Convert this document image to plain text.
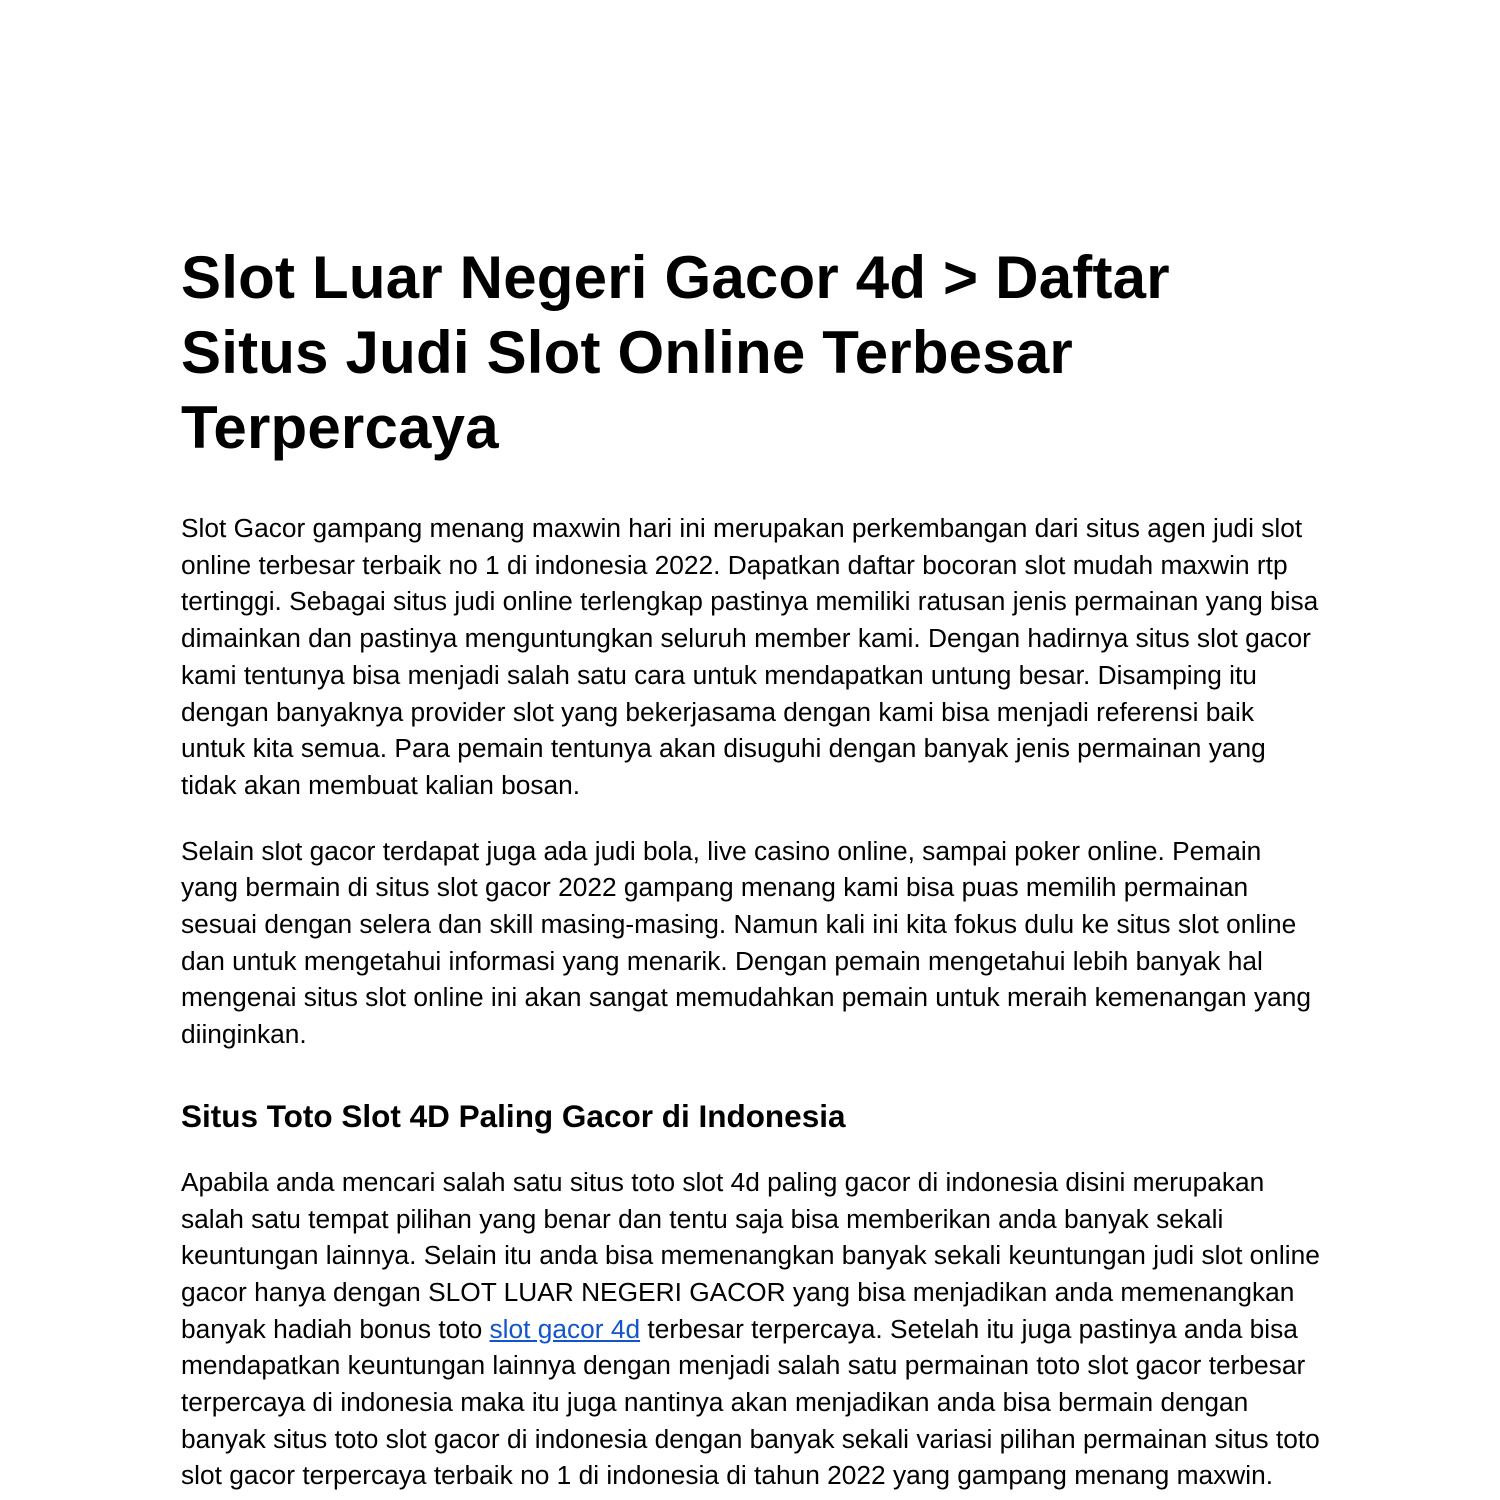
Slot Luar Negeri Gacor 4d > Daftar Situs Judi Slot Online Terbesar Terpercaya

Slot Gacor gampang menang maxwin hari ini merupakan perkembangan dari situs agen judi slot online terbesar terbaik no 1 di indonesia 2022. Dapatkan daftar bocoran slot mudah maxwin rtp tertinggi. Sebagai situs judi online terlengkap pastinya memiliki ratusan jenis permainan yang bisa dimainkan dan pastinya menguntungkan seluruh member kami. Dengan hadirnya situs slot gacor kami tentunya bisa menjadi salah satu cara untuk mendapatkan untung besar. Disamping itu dengan banyaknya provider slot yang bekerjasama dengan kami bisa menjadi referensi baik untuk kita semua. Para pemain tentunya akan disuguhi dengan banyak jenis permainan yang tidak akan membuat kalian bosan.

Selain slot gacor terdapat juga ada judi bola, live casino online, sampai poker online. Pemain yang bermain di situs slot gacor 2022 gampang menang kami bisa puas memilih permainan sesuai dengan selera dan skill masing-masing. Namun kali ini kita fokus dulu ke situs slot online dan untuk mengetahui informasi yang menarik. Dengan pemain mengetahui lebih banyak hal mengenai situs slot online ini akan sangat memudahkan pemain untuk meraih kemenangan yang diinginkan.

Situs Toto Slot 4D Paling Gacor di Indonesia

Apabila anda mencari salah satu situs toto slot 4d paling gacor di indonesia disini merupakan salah satu tempat pilihan yang benar dan tentu saja bisa memberikan anda banyak sekali keuntungan lainnya. Selain itu anda bisa memenangkan banyak sekali keuntungan judi slot online gacor hanya dengan SLOT LUAR NEGERI GACOR yang bisa menjadikan anda memenangkan banyak hadiah bonus toto slot gacor 4d terbesar terpercaya. Setelah itu juga pastinya anda bisa mendapatkan keuntungan lainnya dengan menjadi salah satu permainan toto slot gacor terbesar terpercaya di indonesia maka itu juga nantinya akan menjadikan anda bisa bermain dengan banyak situs toto slot gacor di indonesia dengan banyak sekali variasi pilihan permainan situs toto slot gacor terpercaya terbaik no 1 di indonesia di tahun 2022 yang gampang menang maxwin.
